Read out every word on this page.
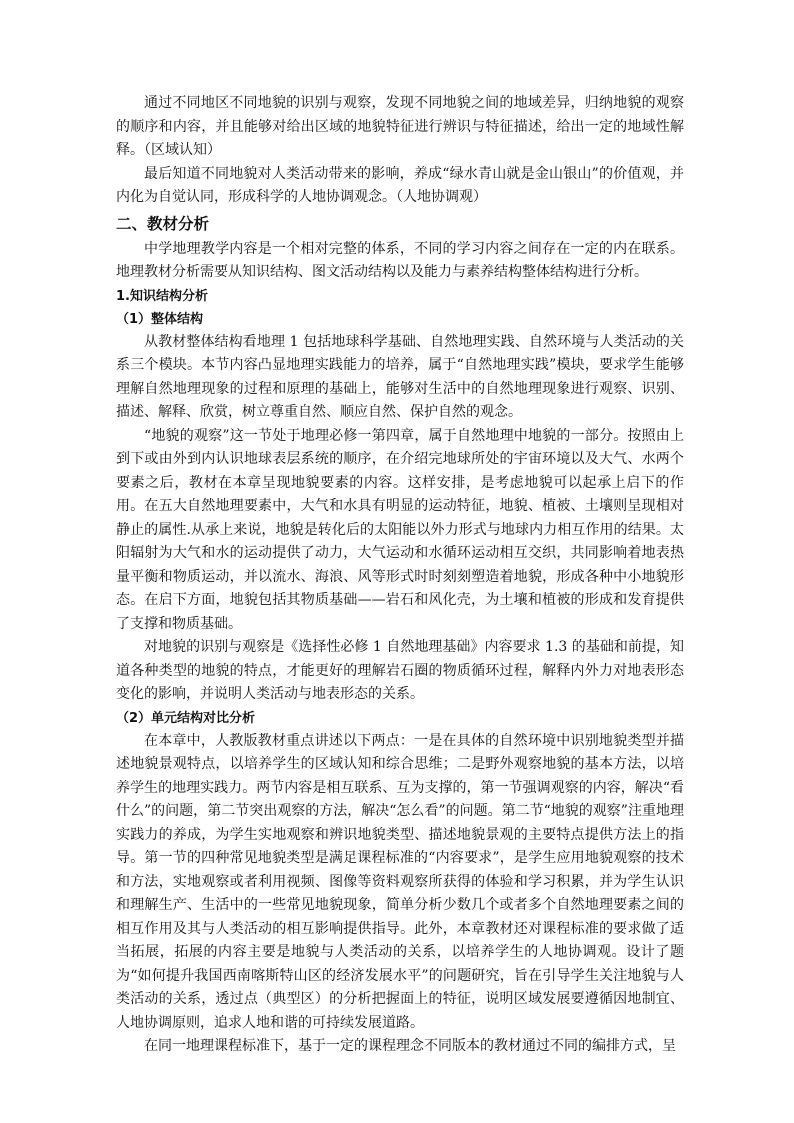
通过不同地区不同地貌的识别与观察，发现不同地貌之间的地域差异，归纳地貌的观察的顺序和内容，并且能够对给出区域的地貌特征进行辨识与特征描述，给出一定的地域性解释。（区域认知）

最后知道不同地貌对人类活动带来的影响，养成“绿水青山就是金山银山”的价值观，并内化为自觉认同，形成科学的人地协调观念。（人地协调观）

二、教材分析

中学地理教学内容是一个相对完整的体系，不同的学习内容之间存在一定的内在联系。地理教材分析需要从知识结构、图文活动结构以及能力与素养结构整体结构进行分析。

1.知识结构分析

（1）整体结构

从教材整体结构看地理 1 包括地球科学基础、自然地理实践、自然环境与人类活动的关系三个模块。本节内容凸显地理实践能力的培养，属于“自然地理实践”模块，要求学生能够理解自然地理现象的过程和原理的基础上，能够对生活中的自然地理现象进行观察、识别、描述、解释、欣赏，树立尊重自然、顺应自然、保护自然的观念。

“地貌的观察”这一节处于地理必修一第四章，属于自然地理中地貌的一部分。按照由上到下或由外到内认识地球表层系统的顺序，在介绍完地球所处的宇宙环境以及大气、水两个要素之后，教材在本章呈现地貌要素的内容。这样安排，是考虑地貌可以起承上启下的作用。在五大自然地理要素中，大气和水具有明显的运动特征，地貌、植被、土壤则呈现相对静止的属性.从承上来说，地貌是转化后的太阳能以外力形式与地球内力相互作用的结果。太阳辐射为大气和水的运动提供了动力，大气运动和水循环运动相互交织，共同影响着地表热量平衡和物质运动，并以流水、海浪、风等形式时时刻刻塑造着地貌，形成各种中小地貌形态。在启下方面，地貌包括其物质基础——岩石和风化壳，为土壤和植被的形成和发育提供了支撑和物质基础。

对地貌的识别与观察是《选择性必修 1 自然地理基础》内容要求 1.3 的基础和前提，知道各种类型的地貌的特点，才能更好的理解岩石圈的物质循环过程，解释内外力对地表形态变化的影响，并说明人类活动与地表形态的关系。

（2）单元结构对比分析

在本章中，人教版教材重点讲述以下两点：一是在具体的自然环境中识别地貌类型并描述地貌景观特点，以培养学生的区域认知和综合思维；二是野外观察地貌的基本方法，以培养学生的地理实践力。两节内容是相互联系、互为支撑的，第一节强调观察的内容，解决“看什么”的问题，第二节突出观察的方法，解决“怎么看”的问题。第二节“地貌的观察”注重地理实践力的养成，为学生实地观察和辨识地貌类型、描述地貌景观的主要特点提供方法上的指导。第一节的四种常见地貌类型是满足课程标准的“内容要求”，是学生应用地貌观察的技术和方法，实地观察或者利用视频、图像等资料观察所获得的体验和学习积累，并为学生认识和理解生产、生活中的一些常见地貌现象，简单分析少数几个或者多个自然地理要素之间的相互作用及其与人类活动的相互影响提供指导。此外，本章教材还对课程标准的要求做了适当拓展，拓展的内容主要是地貌与人类活动的关系，以培养学生的人地协调观。设计了题为“如何提升我国西南喀斯特山区的经济发展水平”的问题研究，旨在引导学生关注地貌与人类活动的关系，透过点（典型区）的分析把握面上的特征，说明区域发展要遵循因地制宜、人地协调原则，追求人地和谐的可持续发展道路。

在同一地理课程标准下，基于一定的课程理念不同版本的教材通过不同的编排方式，呈
